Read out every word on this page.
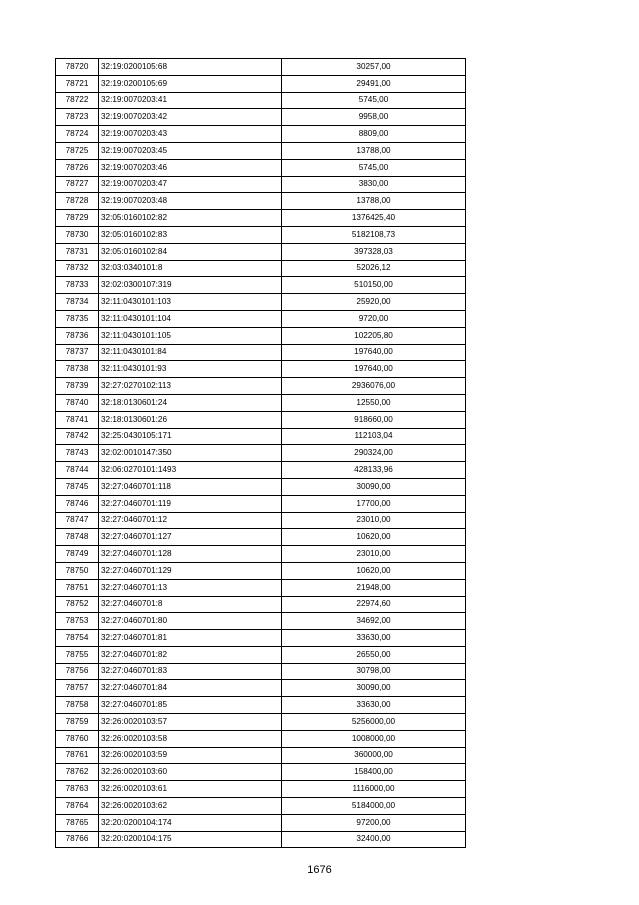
78720	32:19:0200105:68	30257,00
78721	32:19:0200105:69	29491,00
78722	32:19:0070203:41	5745,00
78723	32:19:0070203:42	9958,00
78724	32:19:0070203:43	8809,00
78725	32:19:0070203:45	13788,00
78726	32:19:0070203:46	5745,00
78727	32:19:0070203:47	3830,00
78728	32:19:0070203:48	13788,00
78729	32:05:0160102:82	1376425,40
78730	32:05:0160102:83	5182108,73
78731	32:05:0160102:84	397328,03
78732	32:03:0340101:8	52026,12
78733	32:02:0300107:319	510150,00
78734	32:11:0430101:103	25920,00
78735	32:11:0430101:104	9720,00
78736	32:11:0430101:105	102205,80
78737	32:11:0430101:84	197640,00
78738	32:11:0430101:93	197640,00
78739	32:27:0270102:113	2936076,00
78740	32:18:0130601:24	12550,00
78741	32:18:0130601:26	918660,00
78742	32:25:0430105:171	112103,04
78743	32:02:0010147:350	290324,00
78744	32:06:0270101:1493	428133,96
78745	32:27:0460701:118	30090,00
78746	32:27:0460701:119	17700,00
78747	32:27:0460701:12	23010,00
78748	32:27:0460701:127	10620,00
78749	32:27:0460701:128	23010,00
78750	32:27:0460701:129	10620,00
78751	32:27:0460701:13	21948,00
78752	32:27:0460701:8	22974,60
78753	32:27:0460701:80	34692,00
78754	32:27:0460701:81	33630,00
78755	32:27:0460701:82	26550,00
78756	32:27:0460701:83	30798,00
78757	32:27:0460701:84	30090,00
78758	32:27:0460701:85	33630,00
78759	32:26:0020103:57	5256000,00
78760	32:26:0020103:58	1008000,00
78761	32:26:0020103:59	360000,00
78762	32:26:0020103:60	158400,00
78763	32:26:0020103:61	1116000,00
78764	32:26:0020103:62	5184000,00
78765	32:20:0200104:174	97200,00
78766	32:20:0200104:175	32400,00
1676
